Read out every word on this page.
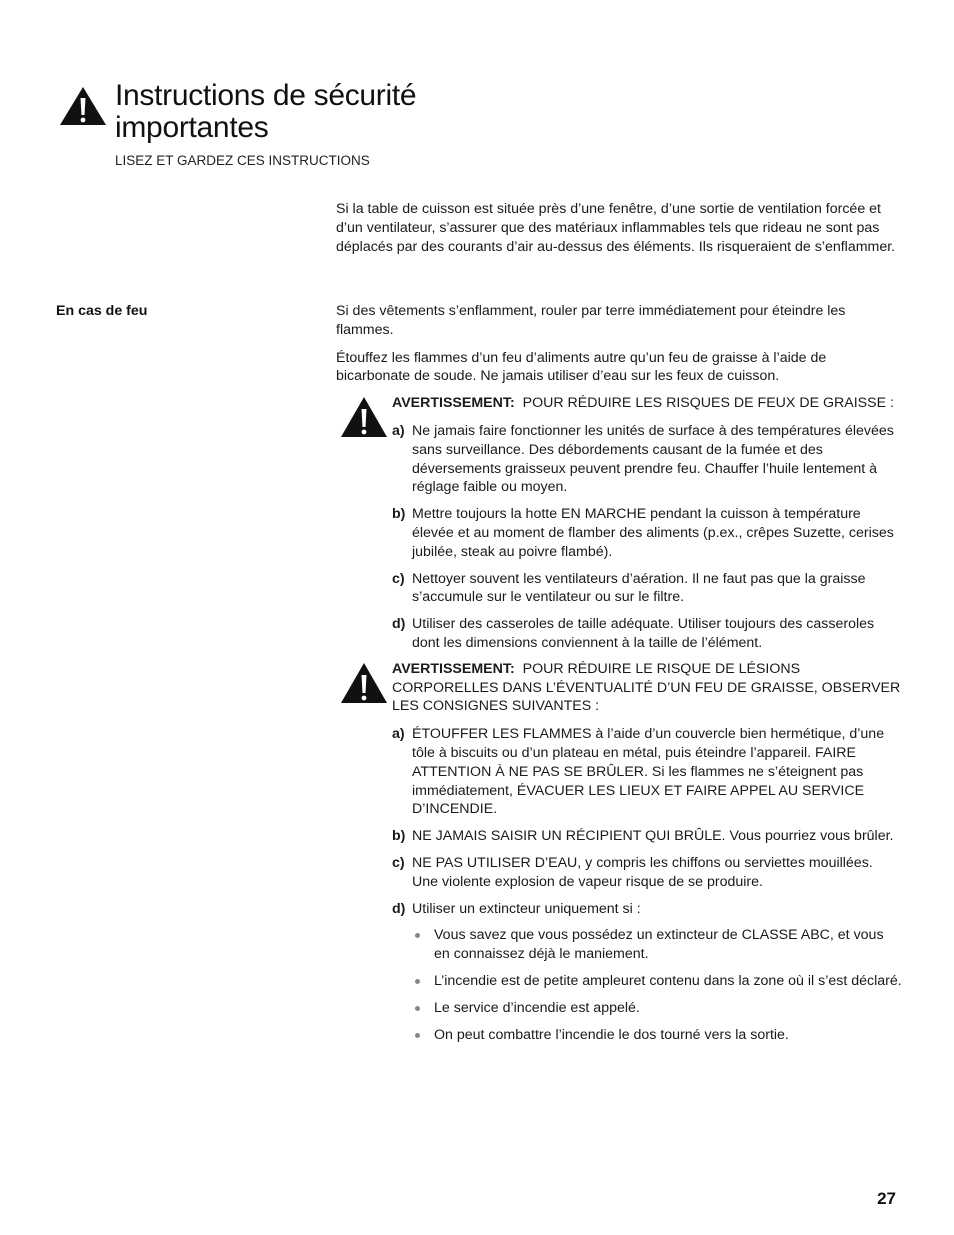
Instructions de sécurité
importantes
LISEZ ET GARDEZ CES INSTRUCTIONS

Si la table de cuisson est située près d’une fenêtre, d’une sortie de ventilation forcée et d’un ventilateur, s’assurer que des matériaux inflammables tels que rideau ne sont pas déplacés par des courants d’air au-dessus des éléments. Ils risqueraient de s’enflammer.

En cas de feu	Si des vêtements s’enflamment, rouler par terre immédiatement pour éteindre les flammes.

Étouffez les flammes d’un feu d’aliments autre qu’un feu de graisse à l’aide de bicarbonate de soude. Ne jamais utiliser d’eau sur les feux de cuisson.

AVERTISSEMENT: POUR RÉDUIRE LES RISQUES DE FEUX DE GRAISSE :

a) Ne jamais faire fonctionner les unités de surface à des températures élevées sans surveillance. Des débordements causant de la fumée et des déversements graisseux peuvent prendre feu. Chauffer l’huile lentement à réglage faible ou moyen.
b) Mettre toujours la hotte EN MARCHE pendant la cuisson à température élevée et au moment de flamber des aliments (p.ex., crêpes Suzette, cerises jubilée, steak au poivre flambé).
c) Nettoyer souvent les ventilateurs d’aération. Il ne faut pas que la graisse s’accumule sur le ventilateur ou sur le filtre.
d) Utiliser des casseroles de taille adéquate. Utiliser toujours des casseroles dont les dimensions conviennent à la taille de l’élément.

AVERTISSEMENT: POUR RÉDUIRE LE RISQUE DE LÉSIONS CORPORELLES DANS L’ÉVENTUALITÉ D’UN FEU DE GRAISSE, OBSERVER LES CONSIGNES SUIVANTES :

a) ÉTOUFFER LES FLAMMES à l’aide d’un couvercle bien hermétique, d’une tôle à biscuits ou d’un plateau en métal, puis éteindre l’appareil. FAIRE ATTENTION À NE PAS SE BRÛLER. Si les flammes ne s’éteignent pas immédiatement, ÉVACUER LES LIEUX ET FAIRE APPEL AU SERVICE D’INCENDIE.
b) NE JAMAIS SAISIR UN RÉCIPIENT QUI BRÛLE. Vous pourriez vous brûler.
c) NE PAS UTILISER D’EAU, y compris les chiffons ou serviettes mouillées. Une violente explosion de vapeur risque de se produire.
d) Utiliser un extincteur uniquement si :
Vous savez que vous possédez un extincteur de CLASSE ABC, et vous en connaissez déjà le maniement.
L’incendie est de petite ampleuret contenu dans la zone où il s’est déclaré.
Le service d’incendie est appelé.
On peut combattre l’incendie le dos tourné vers la sortie.
27
